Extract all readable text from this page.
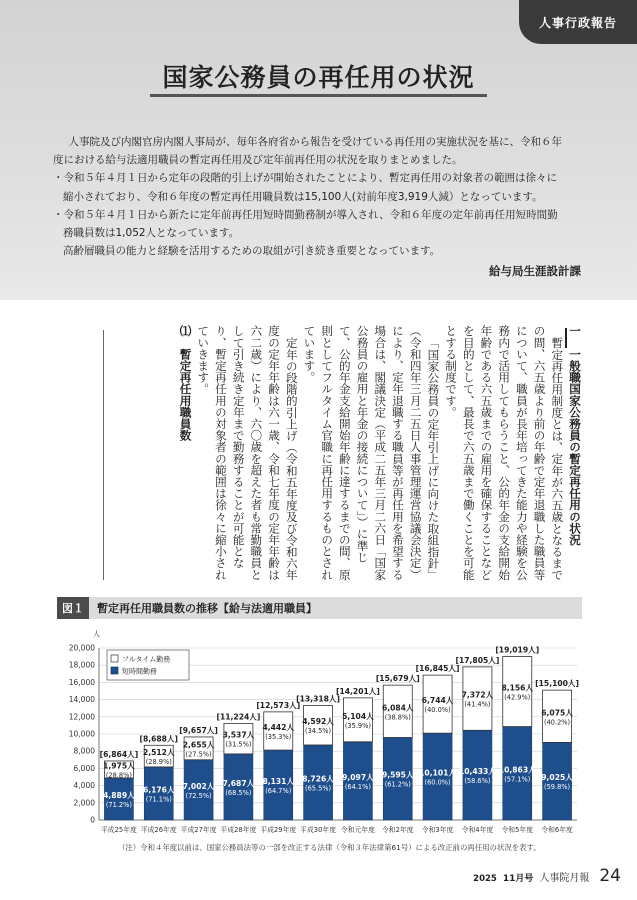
人事行政報告
国家公務員の再任用の状況

人事院及び内閣官房内閣人事局が、毎年各府省から報告を受けている再任用の実施状況を基に、令和６年

度における給与法適用職員の暫定再任用及び定年前再任用の状況を取りまとめました。

・令和５年４月１日から定年の段階的引上げが開始されたことにより、暫定再任用の対象者の範囲は徐々に

縮小されており、令和６年度の暫定再任用職員数は15,100人(対前年度3,919人減）となっています。

・令和５年４月１日から新たに定年前再任用短時間勤務制が導入され、令和６年度の定年前再任用短時間勤

務職員数は1,052人となっています。

高齢層職員の能力と経験を活用するための取組が引き続き重要となっています。

給与局生涯設計課

一　一般職国家公務員の暫定再任用の状況

暫定再任用制度とは、定年が六五歳となるまでの間、六五歳より前の年齢で定年退職した職員等について、職員が長年培ってきた能力や経験を公務内で活用してもらうこと、公的年金の支給開始年齢である六五歳までの雇用を確保することなどを目的として、最長で六五歳まで働くことを可能とする制度です。

「国家公務員の定年引上げに向けた取組指針」（令和四年三月二五日人事管理運営協議会決定）により、定年退職する職員等が再任用を希望する場合は、閣議決定（平成二五年三月二六日「国家公務員の雇用と年金の接続について」）に準じて、公的年金支給開始年齢に達するまでの間、原則としてフルタイム官職に再任用するものとされています。

定年の段階的引上げ（令和五年度及び令和六年度の定年年齢は六一歳、令和七年度の定年年齢は六二歳）により、六〇歳を超えた者も常勤職員として引き続き定年まで勤務することが可能となり、暫定再任用の対象者の範囲は徐々に縮小されていきます。

⑴　暫定再任用職員数

図１	暫定再任用職員数の推移【給与法適用職員】
人
0
2,000
4,000
6,000
8,000
10,000
12,000
14,000
16,000
18,000
20,000
4,889人
(71.2%)
1,975人
(28.8%)
[6,864人]
平成25年度
6,176人
(71.1%)
2,512人
(28.9%)
[8,688人]
平成26年度
7,002人
(72.5%)
2,655人
(27.5%)
[9,657人]
平成27年度
7,687人
(68.5%)
3,537人
(31.5%)
[11,224人]
平成28年度
8,131人
(64.7%)
4,442人
(35.3%)
[12,573人]
平成29年度
8,726人
(65.5%)
4,592人
(34.5%)
[13,318人]
平成30年度
9,097人
(64.1%)
5,104人
(35.9%)
[14,201人]
令和元年度
9,595人
(61.2%)
6,084人
(38.8%)
[15,679人]
令和2年度
10,101人
(60.0%)
6,744人
(40.0%)
[16,845人]
令和3年度
10,433人
(58.6%)
7,372人
(41.4%)
[17,805人]
令和4年度
10,863人
(57.1%)
8,156人
(42.9%)
[19,019人]
令和5年度
9,025人
(59.8%)
6,075人
(40.2%)
[15,100人]
令和6年度
フルタイム勤務
短時間勤務
（注）令和４年度以前は、国家公務員法等の一部を改正する法律（令和３年法律第61号）による改正前の再任用の状況を表す。
2025 11月号 人事院月報 24
